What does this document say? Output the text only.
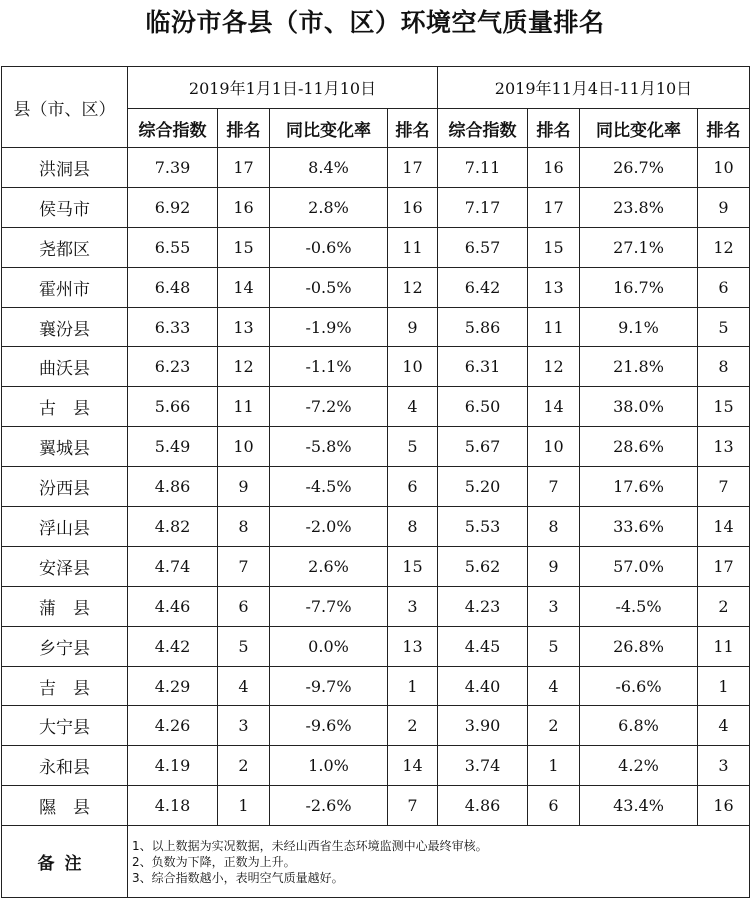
临汾市各县（市、区）环境空气质量排名
县（市、区）	2019年1月1日-11月10日				2019年11月4日-11月10日			
	综合指数	排名	同比变化率	排名	综合指数	排名	同比变化率	排名
洪洞县	7.39	17	8.4%	17	7.11	16	26.7%	10
侯马市	6.92	16	2.8%	16	7.17	17	23.8%	9
尧都区	6.55	15	-0.6%	11	6.57	15	27.1%	12
霍州市	6.48	14	-0.5%	12	6.42	13	16.7%	6
襄汾县	6.33	13	-1.9%	9	5.86	11	9.1%	5
曲沃县	6.23	12	-1.1%	10	6.31	12	21.8%	8
古　县	5.66	11	-7.2%	4	6.50	14	38.0%	15
翼城县	5.49	10	-5.8%	5	5.67	10	28.6%	13
汾西县	4.86	9	-4.5%	6	5.20	7	17.6%	7
浮山县	4.82	8	-2.0%	8	5.53	8	33.6%	14
安泽县	4.74	7	2.6%	15	5.62	9	57.0%	17
蒲　县	4.46	6	-7.7%	3	4.23	3	-4.5%	2
乡宁县	4.42	5	0.0%	13	4.45	5	26.8%	11
吉　县	4.29	4	-9.7%	1	4.40	4	-6.6%	1
大宁县	4.26	3	-9.6%	2	3.90	2	6.8%	4
永和县	4.19	2	1.0%	14	3.74	1	4.2%	3
隰　县	4.18	1	-2.6%	7	4.86	6	43.4%	16
备注	1、以上数据为实况数据，未经山西省生态环境监测中心最终审核。
2、负数为下降，正数为上升。
3、综合指数越小，表明空气质量越好。							
